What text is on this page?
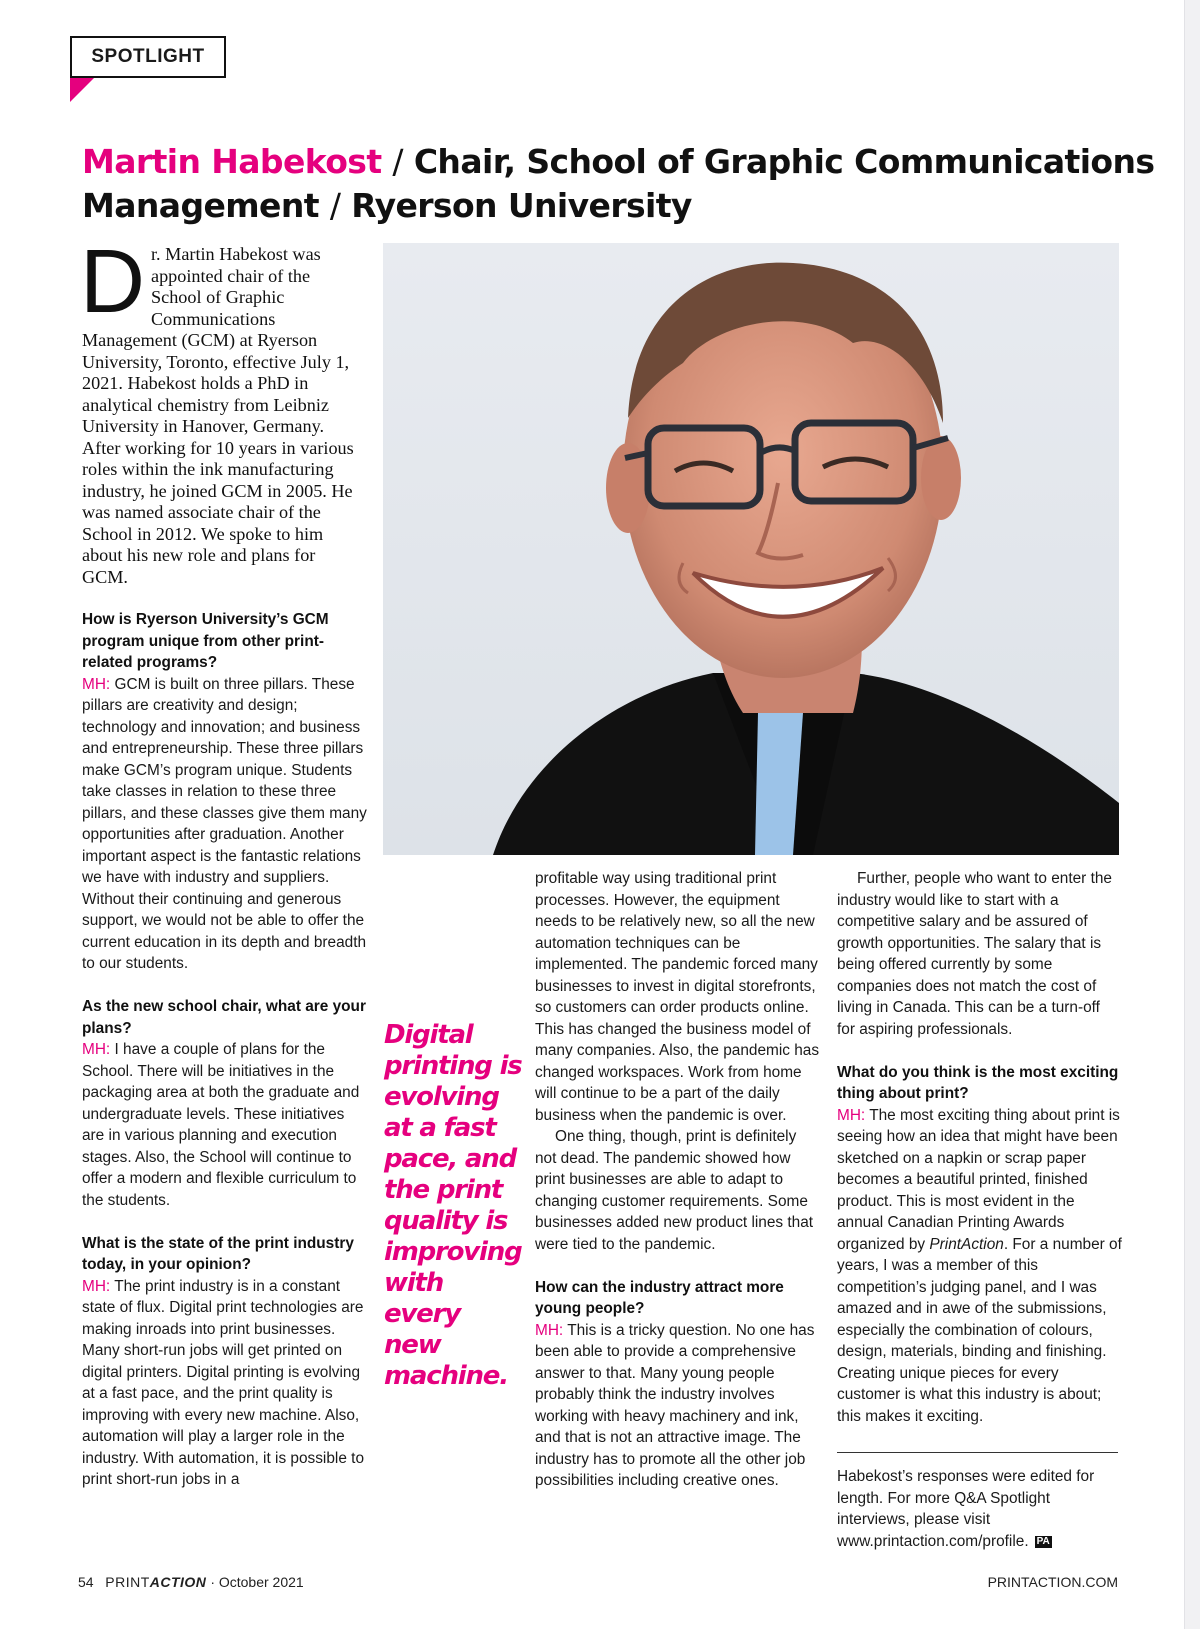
SPOTLIGHT
Martin Habekost / Chair, School of Graphic Communications
Management / Ryerson University
Dr. Martin Habekost was appointed chair of the School of Graphic Communications Management (GCM) at Ryerson University, Toronto, effective July 1, 2021. Habekost holds a PhD in analytical chemistry from Leibniz University in Hanover, Germany. After working for 10 years in various roles within the ink manufacturing industry, he joined GCM in 2005. He was named associate chair of the School in 2012. We spoke to him about his new role and plans for GCM.

How is Ryerson University’s GCM program unique from other print-related programs?

MH: GCM is built on three pillars. These pillars are creativity and design; technology and innovation; and business and entrepreneurship. These three pillars make GCM’s program unique. Students take classes in relation to these three pillars, and these classes give them many opportunities after graduation. Another important aspect is the fantastic relations we have with industry and suppliers. Without their continuing and generous support, we would not be able to offer the current education in its depth and breadth to our students.

As the new school chair, what are your plans?

MH: I have a couple of plans for the School. There will be initiatives in the packaging area at both the graduate and undergraduate levels. These initiatives are in various planning and execution stages. Also, the School will continue to offer a modern and flexible curriculum to the students.

What is the state of the print industry today, in your opinion?

MH: The print industry is in a constant state of flux. Digital print technologies are making inroads into print businesses. Many short-run jobs will get printed on digital printers. Digital printing is evolving at a fast pace, and the print quality is improving with every new machine. Also, automation will play a larger role in the industry. With automation, it is possible to print short-run jobs in a

Digital printing is evolving at a fast pace, and the print quality is improving with every new machine.

profitable way using traditional print processes. However, the equipment needs to be relatively new, so all the new automation techniques can be implemented. The pandemic forced many businesses to invest in digital storefronts, so customers can order products online. This has changed the business model of many companies. Also, the pandemic has changed workspaces. Work from home will continue to be a part of the daily business when the pandemic is over.

One thing, though, print is definitely not dead. The pandemic showed how print businesses are able to adapt to changing customer requirements. Some businesses added new product lines that were tied to the pandemic.

How can the industry attract more young people?

MH: This is a tricky question. No one has been able to provide a comprehensive answer to that. Many young people probably think the industry involves working with heavy machinery and ink, and that is not an attractive image. The industry has to promote all the other job possibilities including creative ones.

Further, people who want to enter the industry would like to start with a competitive salary and be assured of growth opportunities. The salary that is being offered currently by some companies does not match the cost of living in Canada. This can be a turn-off for aspiring professionals.

What do you think is the most exciting thing about print?

MH: The most exciting thing about print is seeing how an idea that might have been sketched on a napkin or scrap paper becomes a beautiful printed, finished product. This is most evident in the annual Canadian Printing Awards organized by PrintAction. For a number of years, I was a member of this competition’s judging panel, and I was amazed and in awe of the submissions, especially the combination of colours, design, materials, binding and finishing. Creating unique pieces for every customer is what this industry is about; this makes it exciting.

Habekost’s responses were edited for length. For more Q&A Spotlight interviews, please visit www.printaction.com/profile. PA
54 PRINTACTION · October 2021	PRINTACTION.COM
